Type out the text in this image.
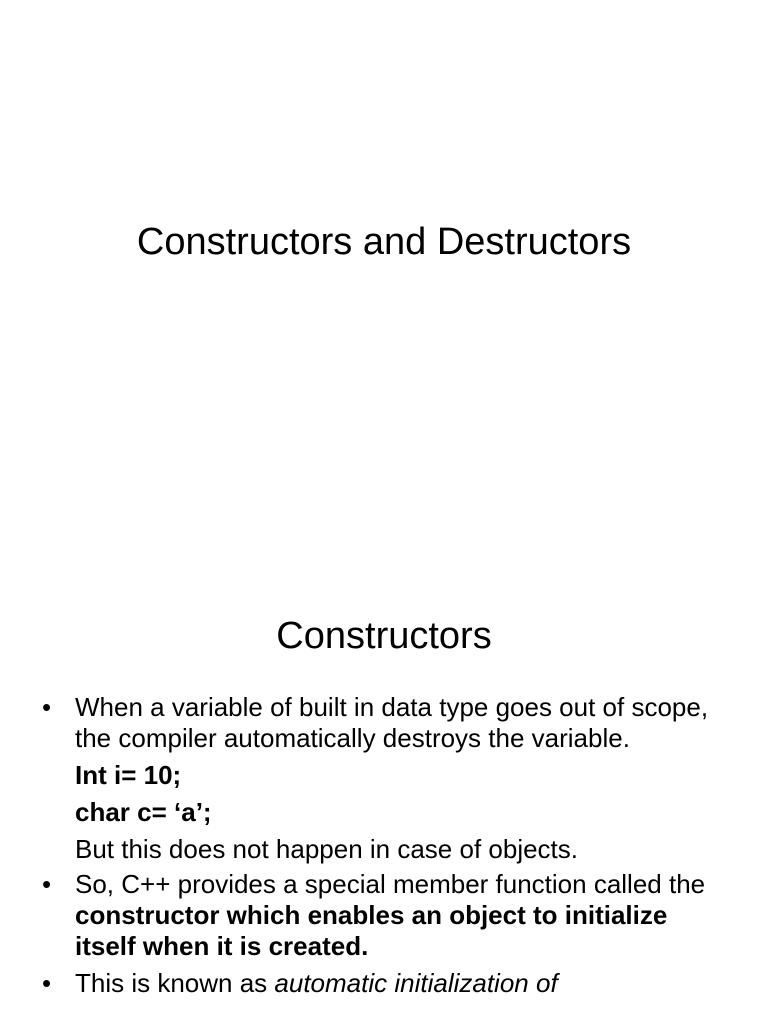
Constructors and Destructors
Constructors
• When a variable of built in data type goes out of scope, the compiler automatically destroys the variable.
Int i= 10;
char c= ‘a’;
But this does not happen in case of objects.
• So, C++ provides a special member function called the constructor which enables an object to initialize itself when it is created.
• This is known as automatic initialization of
